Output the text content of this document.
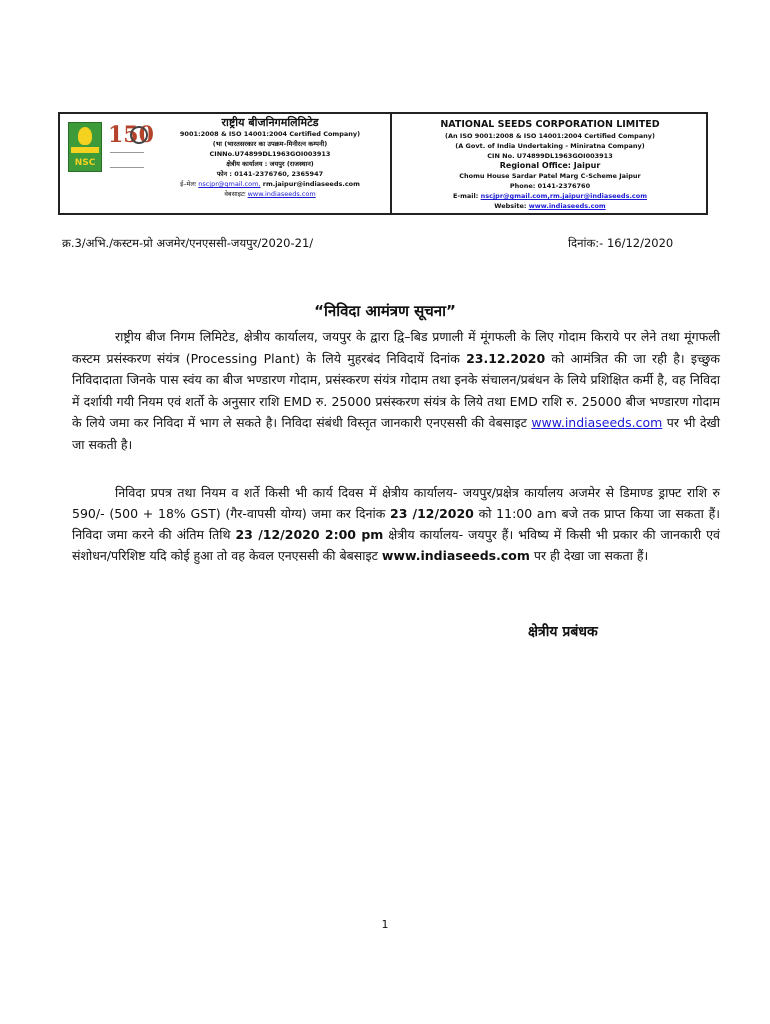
NSC
150	राष्ट्रीय बीजनिगमलिमिटेड
9001:2008 & ISO 14001:2004 Certified Company)
(भा (भारतसरकार का उपक्रम–मिनीरत्न कम्पनी)
CINNo.U74899DL1963GOI003913
क्षेत्रीय कार्यालय : जयपुर (राजस्थान)
फोन : 0141-2376760, 2365947
ई–मेलः nscjpr@gmail.com, rm.jaipur@indiaseeds.com
वेबसाइटः www.indiaseeds.com
NATIONAL SEEDS CORPORATION LIMITED
(An ISO 9001:2008 & ISO 14001:2004 Certified Company)
(A Govt. of India Undertaking - Miniratna Company)
CIN No. U74899DL1963GOI003913
Regional Office: Jaipur
Chomu House Sardar Patel Marg C-Scheme Jaipur
Phone: 0141-2376760
E-mail: nscjpr@gmail.com,rm.jaipur@indiaseeds.com
Website: www.indiaseeds.com
क्र.3/अभि./कस्टम-प्रो अजमेर/एनएससी-जयपुर/2020-21/	दिनांक:- 16/12/2020
“निविदा आमंत्रण सूचना”
राष्ट्रीय बीज निगम लिमिटेड, क्षेत्रीय कार्यालय, जयपुर के द्वारा द्वि–बिड प्रणाली में मूंगफली के लिए गोदाम किराये पर लेने तथा मूंगफली कस्टम प्रसंस्करण संयंत्र (Processing Plant) के लिये मुहरबंद निविदायें दिनांक 23.12.2020 को आमंत्रित की जा रही है। इच्छुक निविदादाता जिनके पास स्वंय का बीज भण्डारण गोदाम, प्रसंस्करण संयंत्र गोदाम तथा इनके संचालन/प्रबंधन के लिये प्रशिक्षित कर्मी है, वह निविदा में दर्शायी गयी नियम एवं शर्तो के अनुसार राशि EMD रु. 25000 प्रसंस्करण संयंत्र के लिये तथा EMD राशि रु. 25000 बीज भण्डारण गोदाम के लिये जमा कर निविदा में भाग ले सकते है। निविदा संबंधी विस्तृत जानकारी एनएससी की वेबसाइट www.indiaseeds.com पर भी देखी जा सकती है।
निविदा प्रपत्र तथा नियम व शर्ते किसी भी कार्य दिवस में क्षेत्रीय कार्यालय- जयपुर/प्रक्षेत्र कार्यालय अजमेर से डिमाण्ड ड्राफ्ट राशि रु 590/- (500 + 18% GST) (गैर-वापसी योग्य) जमा कर दिनांक 23 /12/2020 को 11:00 am बजे तक प्राप्त किया जा सकता हैं। निविदा जमा करने की अंतिम तिथि 23 /12/2020 2:00 pm क्षेत्रीय कार्यालय- जयपुर हैं। भविष्य में किसी भी प्रकार की जानकारी एवं संशोधन/परिशिष्ट यदि कोई हुआ तो वह केवल एनएससी की बेबसाइट www.indiaseeds.com पर ही देखा जा सकता हैं।
क्षेत्रीय प्रबंधक
1
